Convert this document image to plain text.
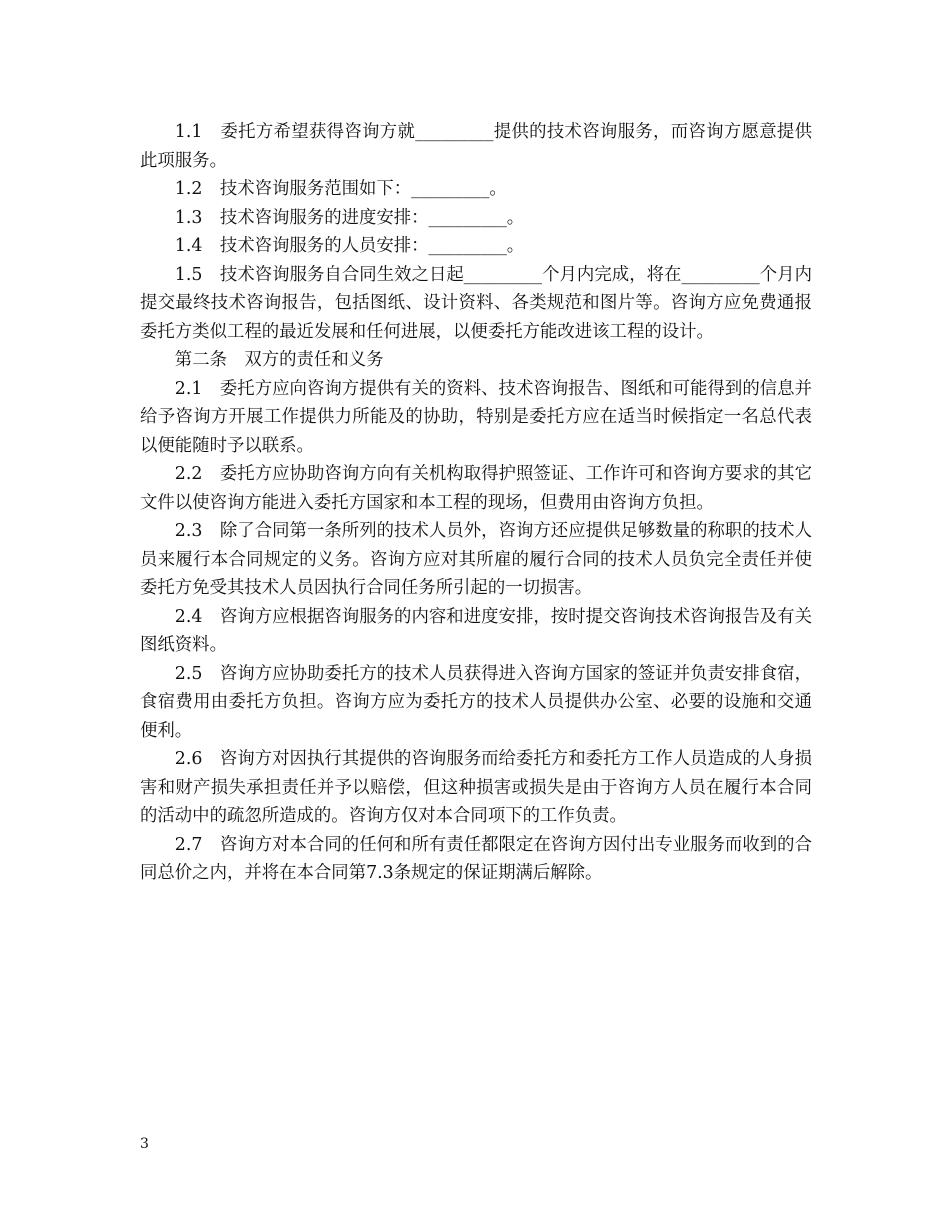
1.1　委托方希望获得咨询方就_________提供的技术咨询服务，而咨询方愿意提供此项服务。

1.2　技术咨询服务范围如下：_________。

1.3　技术咨询服务的进度安排：_________。

1.4　技术咨询服务的人员安排：_________。

1.5　技术咨询服务自合同生效之日起_________个月内完成，将在_________个月内提交最终技术咨询报告，包括图纸、设计资料、各类规范和图片等。咨询方应免费通报委托方类似工程的最近发展和任何进展，以便委托方能改进该工程的设计。

第二条　双方的责任和义务

2.1　委托方应向咨询方提供有关的资料、技术咨询报告、图纸和可能得到的信息并给予咨询方开展工作提供力所能及的协助，特别是委托方应在适当时候指定一名总代表以便能随时予以联系。

2.2　委托方应协助咨询方向有关机构取得护照签证、工作许可和咨询方要求的其它文件以使咨询方能进入委托方国家和本工程的现场，但费用由咨询方负担。

2.3　除了合同第一条所列的技术人员外，咨询方还应提供足够数量的称职的技术人员来履行本合同规定的义务。咨询方应对其所雇的履行合同的技术人员负完全责任并使委托方免受其技术人员因执行合同任务所引起的一切损害。

2.4　咨询方应根据咨询服务的内容和进度安排，按时提交咨询技术咨询报告及有关图纸资料。

2.5　咨询方应协助委托方的技术人员获得进入咨询方国家的签证并负责安排食宿，食宿费用由委托方负担。咨询方应为委托方的技术人员提供办公室、必要的设施和交通便利。

2.6　咨询方对因执行其提供的咨询服务而给委托方和委托方工作人员造成的人身损害和财产损失承担责任并予以赔偿，但这种损害或损失是由于咨询方人员在履行本合同的活动中的疏忽所造成的。咨询方仅对本合同项下的工作负责。

2.7　咨询方对本合同的任何和所有责任都限定在咨询方因付出专业服务而收到的合同总价之内，并将在本合同第7.3条规定的保证期满后解除。

3
